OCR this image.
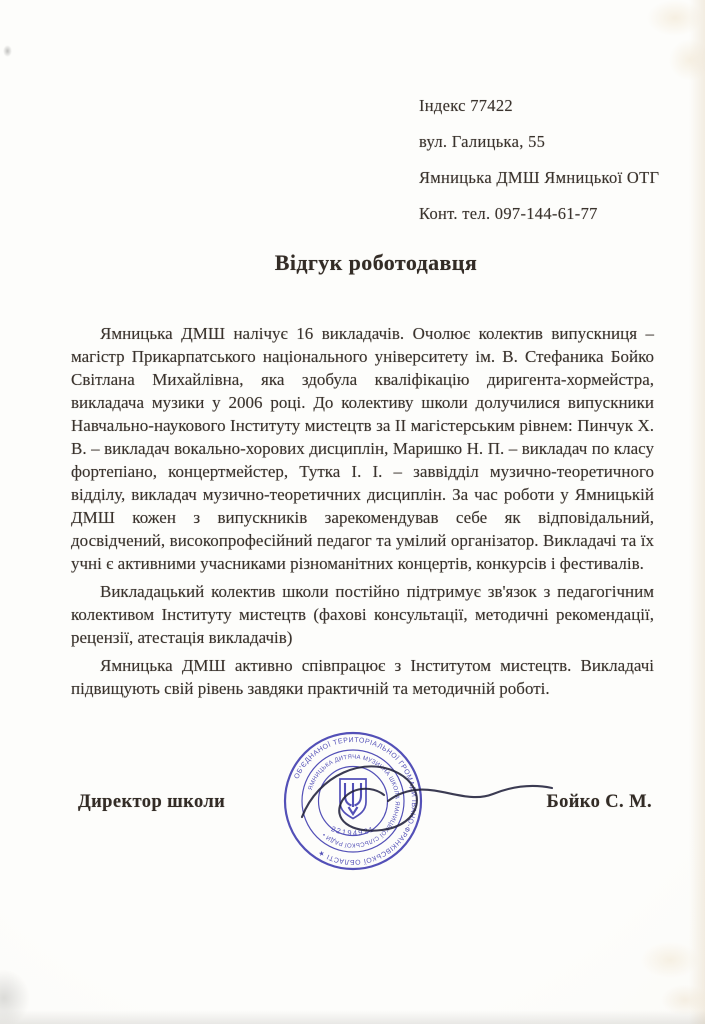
Індекс 77422
вул. Галицька, 55
Ямницька ДМШ Ямницької ОТГ
Конт. тел. 097-144-61-77
Відгук роботодавця

Ямницька ДМШ налічує 16 викладачів. Очолює колектив випускниця – магістр Прикарпатського національного університету ім. В. Стефаника Бойко Світлана Михайлівна, яка здобула кваліфікацію диригента-хормейстра, викладача музики у 2006 році. До колективу школи долучилися випускники Навчально-наукового Інституту мистецтв за ІІ магістерським рівнем: Пинчук Х. В. – викладач вокально-хорових дисциплін, Маришко Н. П. – викладач по класу фортепіано, концертмейстер, Тутка І. І. – заввідділ музично-теоретичного відділу, викладач музично-теоретичних дисциплін. За час роботи у Ямницькій ДМШ кожен з випускників зарекомендував себе як відповідальний, досвідчений, високопрофесійний педагог та умілий організатор. Викладачі та їх учні є активними учасниками різноманітних концертів, конкурсів і фестивалів.

Викладацький колектив школи постійно підтримує зв'язок з педагогічним колективом Інституту мистецтв (фахові консультації, методичні рекомендації, рецензії, атестація викладачів)

Ямницька ДМШ активно співпрацює з Інститутом мистецтв. Викладачі підвищують свій рівень завдяки практичній та методичній роботі.

Директор школи	Бойко С. М.
ОБ'ЄДНАНОЇ ТЕРИТОРІАЛЬНОЇ ГРОМАДИ ІВАНО-ФРАНКІВСЬКОЇ ОБЛАСТІ ★
ЯМНИЦЬКА ДИТЯЧА МУЗИЧНА ШКОЛА ЯМНИЦЬКОЇ СІЛЬСЬКОЇ РАДИ • 22194921
